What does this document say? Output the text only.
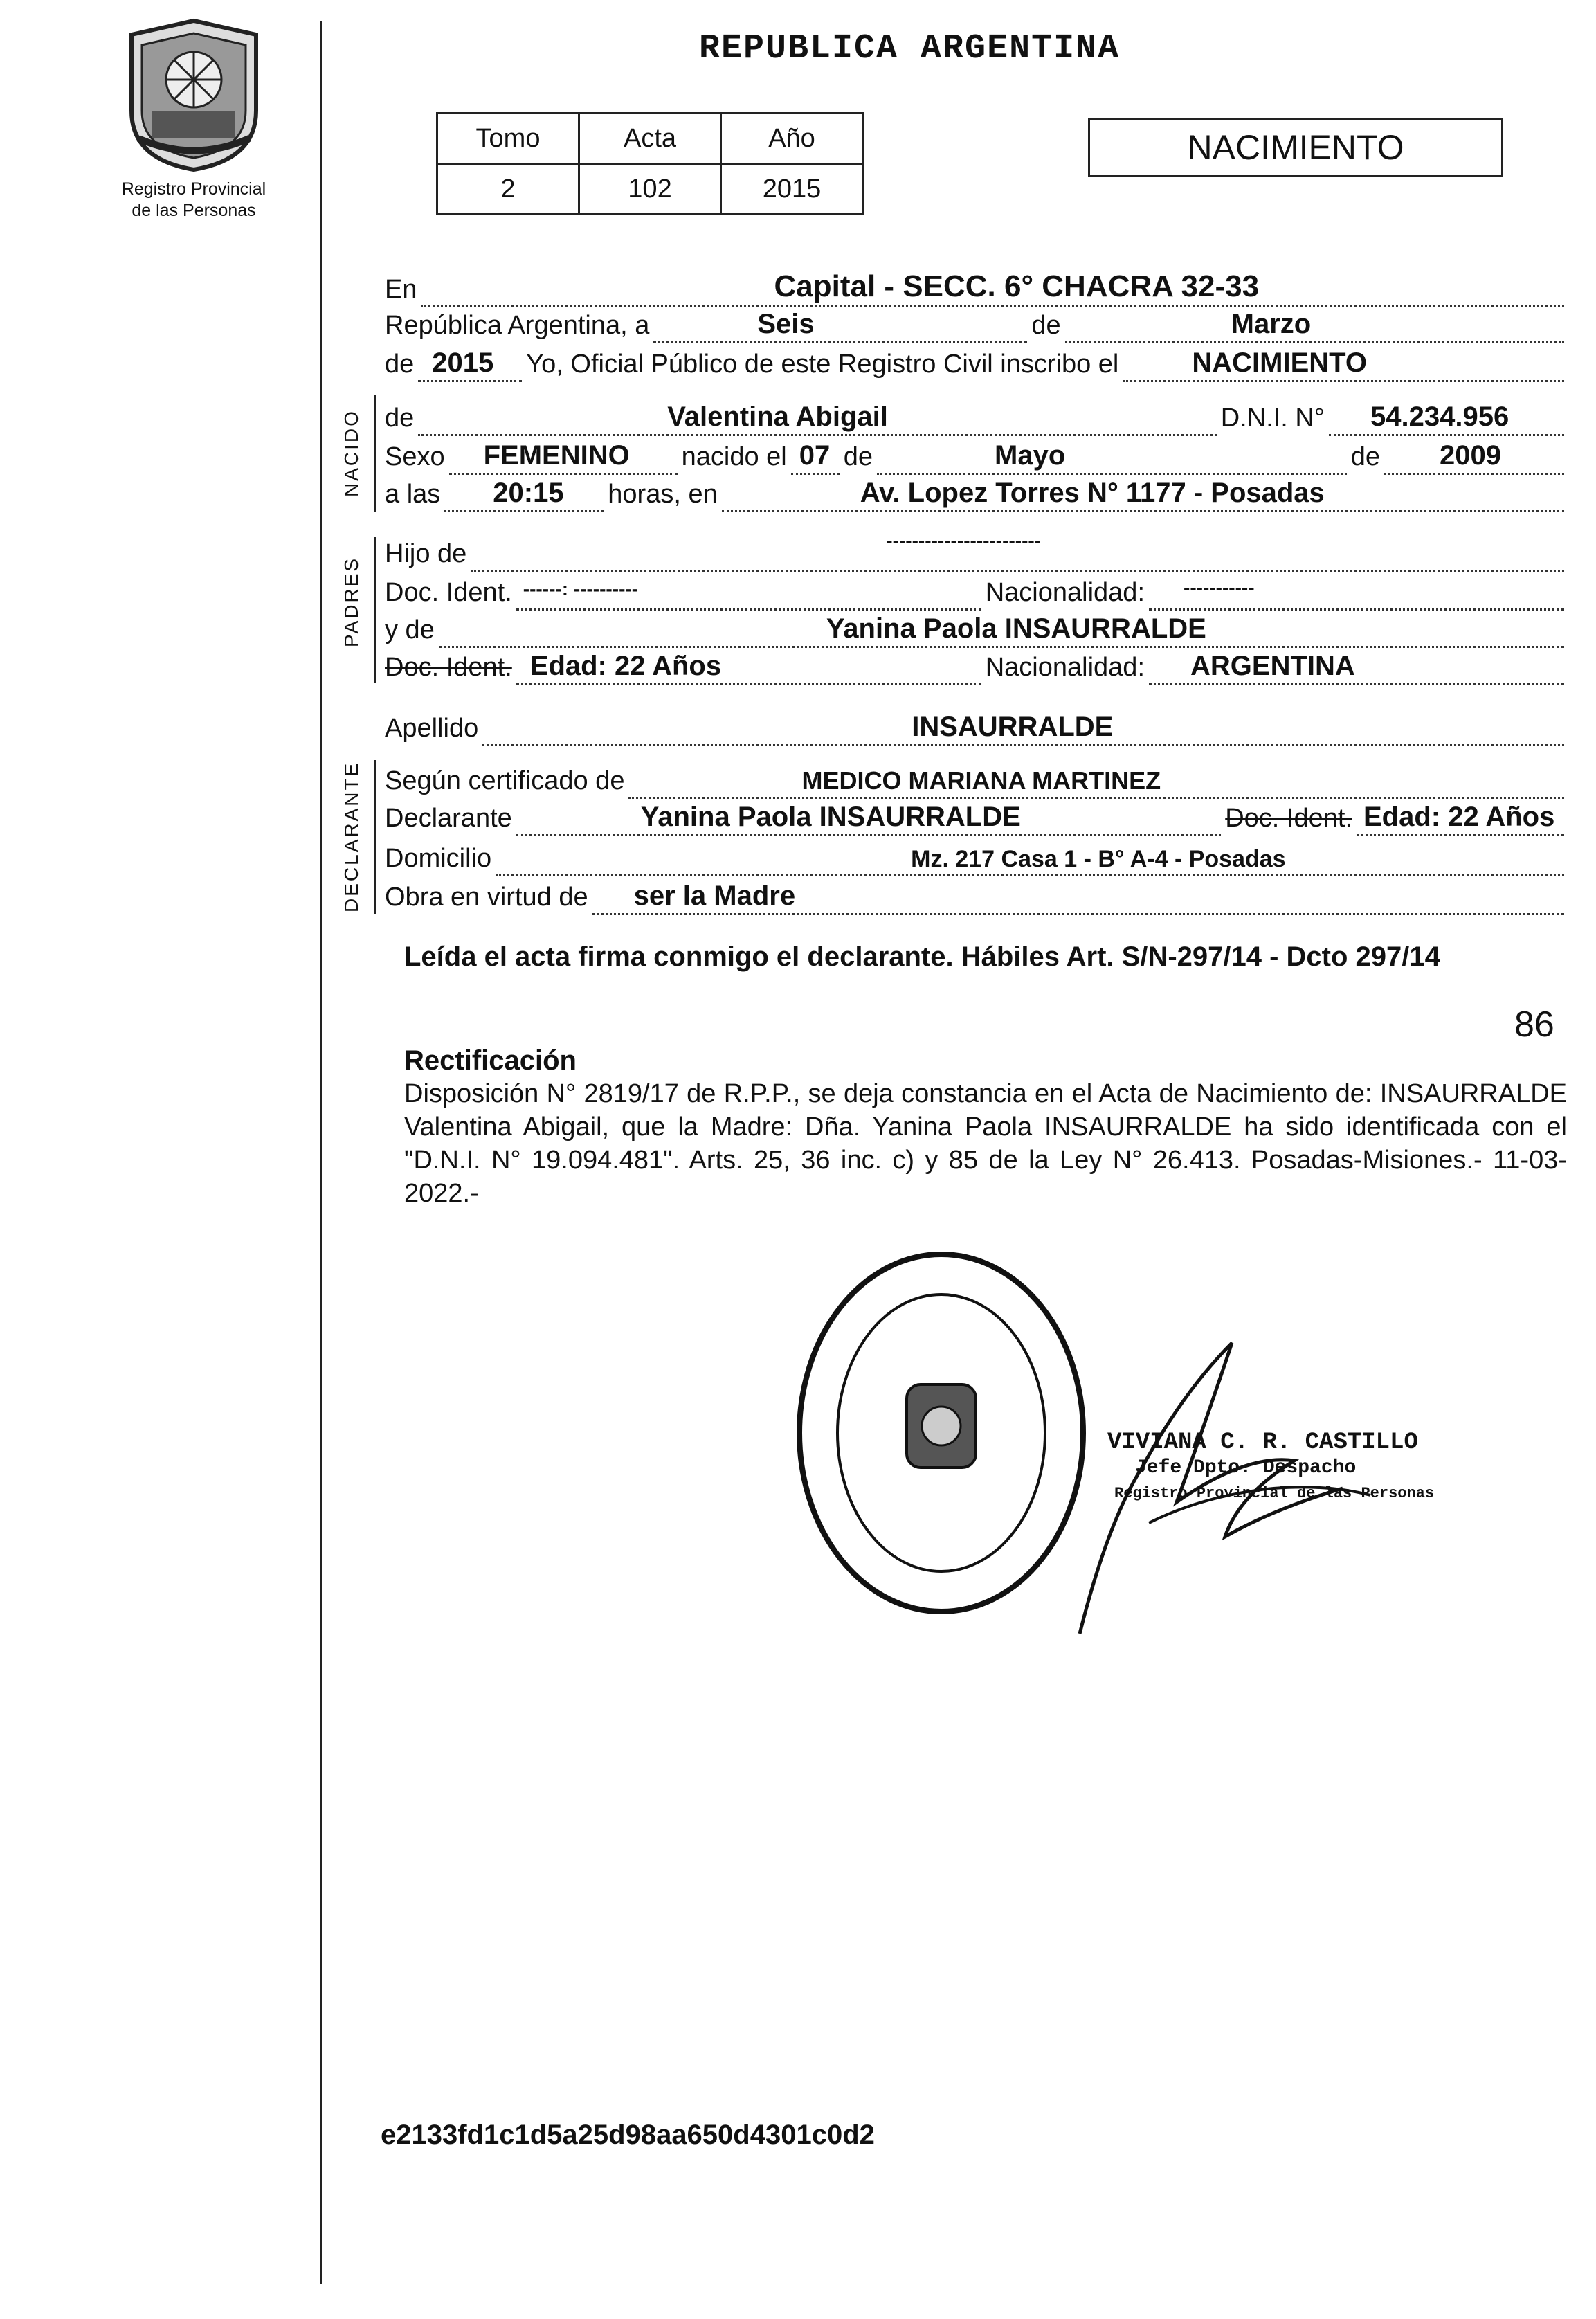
Registro Provincial
de las Personas
REPUBLICA ARGENTINA
Tomo	Acta	Año
2	102	2015
NACIMIENTO
NACIDO
PADRES
DECLARANTE
En	Capital - SECC. 6° CHACRA 32-33
República Argentina, a	Seis	de	Marzo
de 2015 Yo, Oficial Público de este Registro Civil inscribo el	NACIMIENTO
de	Valentina Abigail	D.N.I. N° 54.234.956
Sexo FEMENINO nacido el 07 de	Mayo	de 2009
a las 20:15 horas, en	Av. Lopez Torres N° 1177 - Posadas
Hijo de	------------------------
Doc. Ident. ------: ----------	Nacionalidad: -----------
y de	Yanina Paola INSAURRALDE
Doc. Ident. Edad: 22 Años	Nacionalidad: ARGENTINA
Apellido	INSAURRALDE
Según certificado de	MEDICO MARIANA MARTINEZ
Declarante	Yanina Paola INSAURRALDE	Doc. Ident. Edad: 22 Años
Domicilio	Mz. 217 Casa 1 - B° A-4 - Posadas
Obra en virtud de ser la Madre
Leída el acta firma conmigo el declarante. Hábiles Art. S/N-297/14 - Dcto 297/14
86
Rectificación
Disposición N° 2819/17 de R.P.P., se deja constancia en el Acta de Nacimiento de: INSAURRALDE Valentina Abigail, que la Madre: Dña. Yanina Paola INSAURRALDE ha sido identificada con el "D.N.I. N° 19.094.481". Arts. 25, 36 inc. c) y 85 de la Ley N° 26.413. Posadas-Misiones.- 11-03-2022.-
VIVIANA C. R. CASTILLO
Jefe Dpto. Despacho
Registro Provincial de las Personas
e2133fd1c1d5a25d98aa650d4301c0d2
